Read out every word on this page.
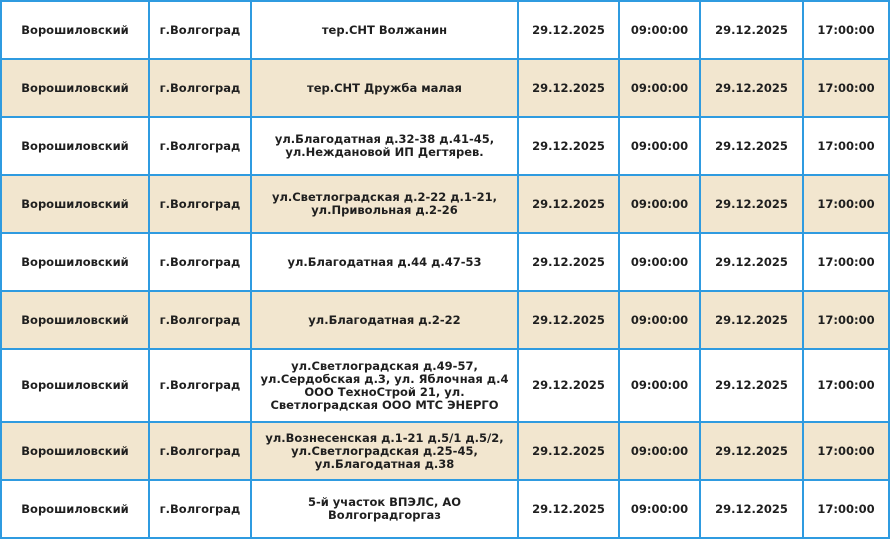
Ворошиловский	г.Волгоград	тер.СНТ Волжанин	29.12.2025	09:00:00	29.12.2025	17:00:00
Ворошиловский	г.Волгоград	тер.СНТ Дружба малая	29.12.2025	09:00:00	29.12.2025	17:00:00
Ворошиловский	г.Волгоград	ул.Благодатная д.32-38 д.41-45,
ул.Неждановой ИП Дегтярев.	29.12.2025	09:00:00	29.12.2025	17:00:00
Ворошиловский	г.Волгоград	ул.Светлоградская д.2-22 д.1-21,
ул.Привольная д.2-26	29.12.2025	09:00:00	29.12.2025	17:00:00
Ворошиловский	г.Волгоград	ул.Благодатная д.44 д.47-53	29.12.2025	09:00:00	29.12.2025	17:00:00
Ворошиловский	г.Волгоград	ул.Благодатная д.2-22	29.12.2025	09:00:00	29.12.2025	17:00:00
Ворошиловский	г.Волгоград	ул.Светлоградская д.49-57,
ул.Сердобская д.3, ул. Яблочная д.4
ООО ТехноСтрой 21, ул.
Светлоградская ООО МТС ЭНЕРГО	29.12.2025	09:00:00	29.12.2025	17:00:00
Ворошиловский	г.Волгоград	ул.Вознесенская д.1-21 д.5/1 д.5/2,
ул.Светлоградская д.25-45,
ул.Благодатная д.38	29.12.2025	09:00:00	29.12.2025	17:00:00
Ворошиловский	г.Волгоград	5-й участок ВПЭЛС, АО Волгоградгоргаз	29.12.2025	09:00:00	29.12.2025	17:00:00
